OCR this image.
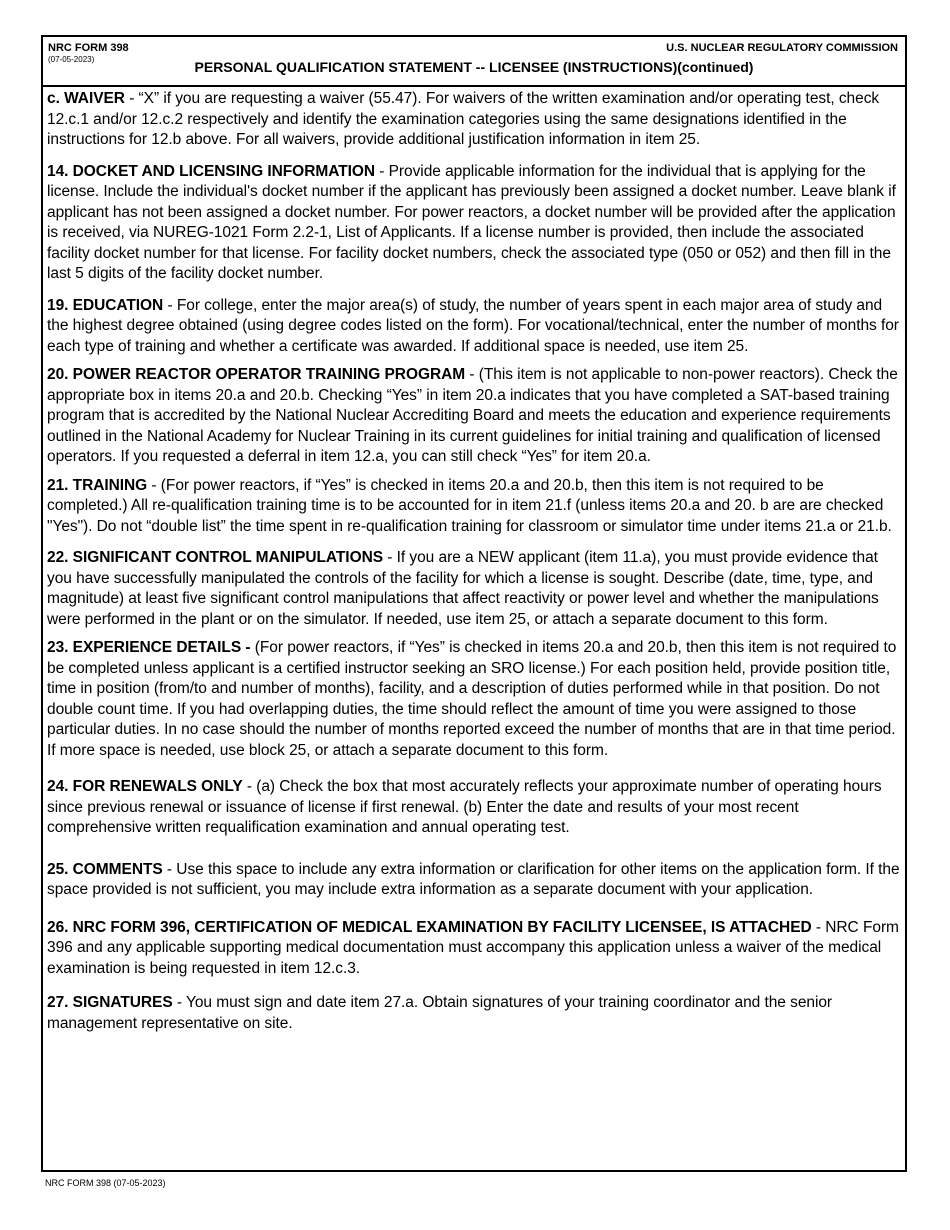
NRC FORM 398
(07-05-2023)
U.S. NUCLEAR REGULATORY COMMISSION
PERSONAL QUALIFICATION STATEMENT -- LICENSEE (INSTRUCTIONS)(continued)

c. WAIVER - “X” if you are requesting a waiver (55.47). For waivers of the written examination and/or operating test, check 12.c.1 and/or 12.c.2 respectively and identify the examination categories using the same designations identified in the instructions for 12.b above. For all waivers, provide additional justification information in item 25.

14. DOCKET AND LICENSING INFORMATION - Provide applicable information for the individual that is applying for the license. Include the individual's docket number if the applicant has previously been assigned a docket number. Leave blank if applicant has not been assigned a docket number. For power reactors, a docket number will be provided after the application is received, via NUREG-1021 Form 2.2-1, List of Applicants. If a license number is provided, then include the associated facility docket number for that license. For facility docket numbers, check the associated type (050 or 052) and then fill in the last 5 digits of the facility docket number.

19. EDUCATION - For college, enter the major area(s) of study, the number of years spent in each major area of study and the highest degree obtained (using degree codes listed on the form). For vocational/technical, enter the number of months for each type of training and whether a certificate was awarded. If additional space is needed, use item 25.

20. POWER REACTOR OPERATOR TRAINING PROGRAM - (This item is not applicable to non-power reactors). Check the appropriate box in items 20.a and 20.b. Checking “Yes” in item 20.a indicates that you have completed a SAT-based training program that is accredited by the National Nuclear Accrediting Board and meets the education and experience requirements outlined in the National Academy for Nuclear Training in its current guidelines for initial training and qualification of licensed operators. If you requested a deferral in item 12.a, you can still check “Yes” for item 20.a.

21. TRAINING - (For power reactors, if “Yes” is checked in items 20.a and 20.b, then this item is not required to be completed.) All re-qualification training time is to be accounted for in item 21.f (unless items 20.a and 20. b are are checked "Yes"). Do not “double list” the time spent in re-qualification training for classroom or simulator time under items 21.a or 21.b.

22. SIGNIFICANT CONTROL MANIPULATIONS - If you are a NEW applicant (item 11.a), you must provide evidence that you have successfully manipulated the controls of the facility for which a license is sought. Describe (date, time, type, and magnitude) at least five significant control manipulations that affect reactivity or power level and whether the manipulations were performed in the plant or on the simulator. If needed, use item 25, or attach a separate document to this form.

23. EXPERIENCE DETAILS - (For power reactors, if “Yes” is checked in items 20.a and 20.b, then this item is not required to be completed unless applicant is a certified instructor seeking an SRO license.) For each position held, provide position title, time in position (from/to and number of months), facility, and a description of duties performed while in that position. Do not double count time. If you had overlapping duties, the time should reflect the amount of time you were assigned to those particular duties. In no case should the number of months reported exceed the number of months that are in that time period. If more space is needed, use block 25, or attach a separate document to this form.

24. FOR RENEWALS ONLY - (a) Check the box that most accurately reflects your approximate number of operating hours since previous renewal or issuance of license if first renewal. (b) Enter the date and results of your most recent comprehensive written requalification examination and annual operating test.

25. COMMENTS - Use this space to include any extra information or clarification for other items on the application form. If the space provided is not sufficient, you may include extra information as a separate document with your application.

26. NRC FORM 396, CERTIFICATION OF MEDICAL EXAMINATION BY FACILITY LICENSEE, IS ATTACHED - NRC Form 396 and any applicable supporting medical documentation must accompany this application unless a waiver of the medical examination is being requested in item 12.c.3.

27. SIGNATURES - You must sign and date item 27.a. Obtain signatures of your training coordinator and the senior management representative on site.

NRC FORM 398 (07-05-2023)
